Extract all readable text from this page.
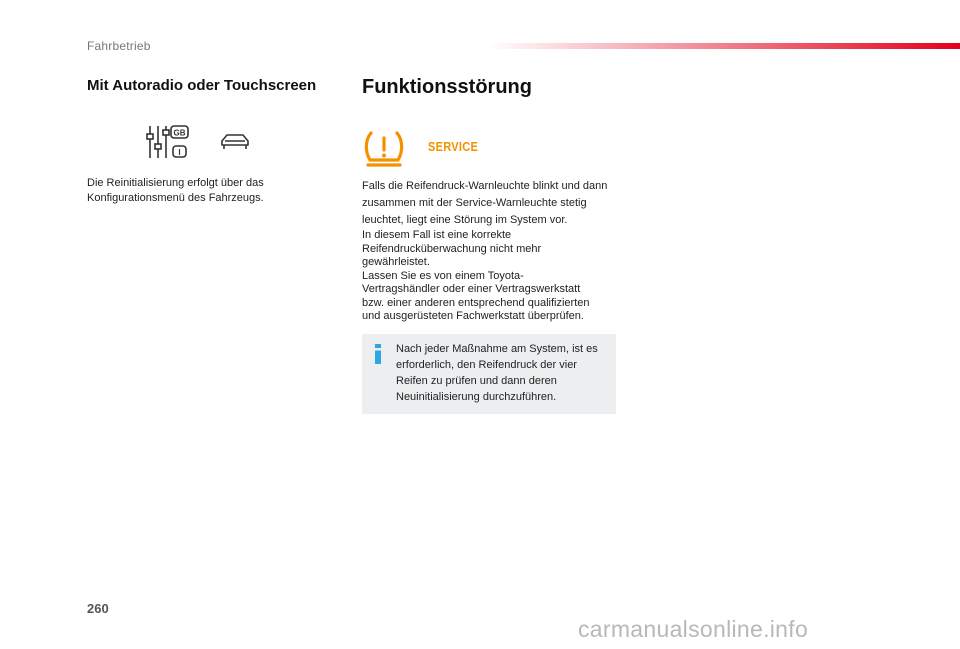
Fahrbetrieb
Mit Autoradio oder Touchscreen
GB
I

Die Reinitialisierung erfolgt über das Konfigurationsmenü des Fahrzeugs.

Funktionsstörung
SERVICE

Falls die Reifendruck-Warnleuchte blinkt und dann zusammen mit der Service-Warnleuchte stetig leuchtet, liegt eine Störung im System vor.

In diesem Fall ist eine korrekte
Reifendrucküberwachung nicht mehr
gewährleistet.
Lassen Sie es von einem Toyota-
Vertragshändler oder einer Vertragswerkstatt
bzw. einer anderen entsprechend qualifizierten
und ausgerüsteten Fachwerkstatt überprüfen.

Nach jeder Maßnahme am System, ist es erforderlich, den Reifendruck der vier Reifen zu prüfen und dann deren Neuinitialisierung durchzuführen.

260
carmanualsonline.info
